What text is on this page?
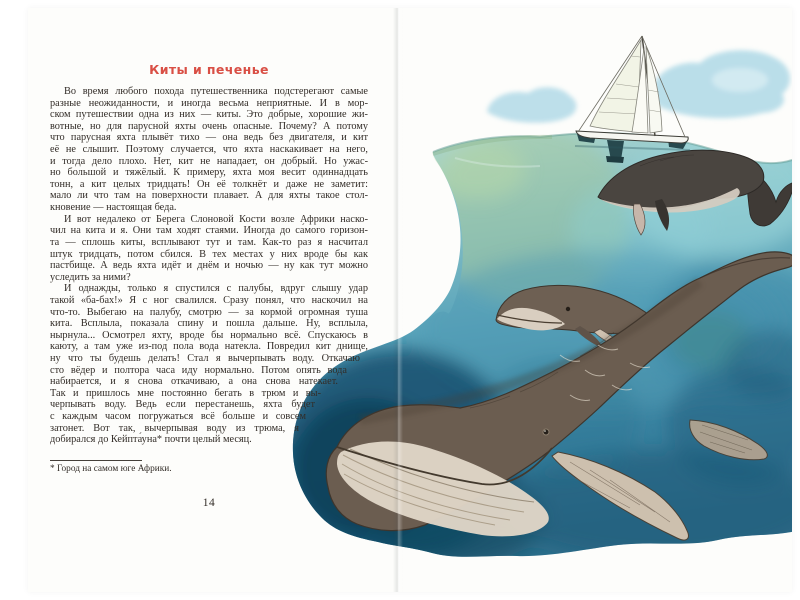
Киты и печенье
Во время любого похода путешественника подстерегают самые
разные неожиданности, и иногда весьма неприятные. И в мор-
ском путешествии одна из них — киты. Это добрые, хорошие жи-
вотные, но для парусной яхты очень опасные. Почему? А потому
что парусная яхта плывёт тихо — она ведь без двигателя, и кит
её не слышит. Поэтому случается, что яхта наскакивает на него,
и тогда дело плохо. Нет, кит не нападает, он добрый. Но ужас-
но большой и тяжёлый. К примеру, яхта моя весит одиннадцать
тонн, а кит целых тридцать! Он её толкнёт и даже не заметит:
мало ли что там на поверхности плавает. А для яхты такое стол-
кновение — настоящая беда.
И вот недалеко от Берега Слоновой Кости возле Африки наско-
чил на кита и я. Они там ходят стаями. Иногда до са́мого горизон-
та — сплошь киты, всплывают тут и там. Как-то раз я насчитал
штук тридцать, потом сбился. В тех местах у них вроде бы как
пастбище. А ведь яхта идёт и днём и ночью — ну как тут можно
уследить за ними?
И однажды, только я спустился с палубы, вдруг слышу удар
такой «ба-бах!» Я с ног свалился. Сразу понял, что наскочил на
что-то. Выбегаю на палубу, смотрю — за кормой огромная туша
кита. Всплыла, показала спину и пошла дальше. Ну, всплыла,
нырнула... Осмотрел яхту, вроде бы нормально всё. Спускаюсь в
каюту, а там уже из-под пола вода натекла. Повредил кит днище,
ну что ты будешь делать! Стал я вычерпывать воду. Откачаю
сто вёдер и полтора часа иду нормально. Потом опять вода
набирается, и я снова откачиваю, а она снова натекает.
Так и пришлось мне постоянно бегать в трюм и вы-
черпывать воду. Ведь если перестанешь, яхта будет
с каждым часом погружаться всё больше и совсем
затонет. Вот так, вычерпывая воду из трюма, я
добирался до Кейпта́уна* почти целый месяц.
* Город на самом юге Африки.
14
